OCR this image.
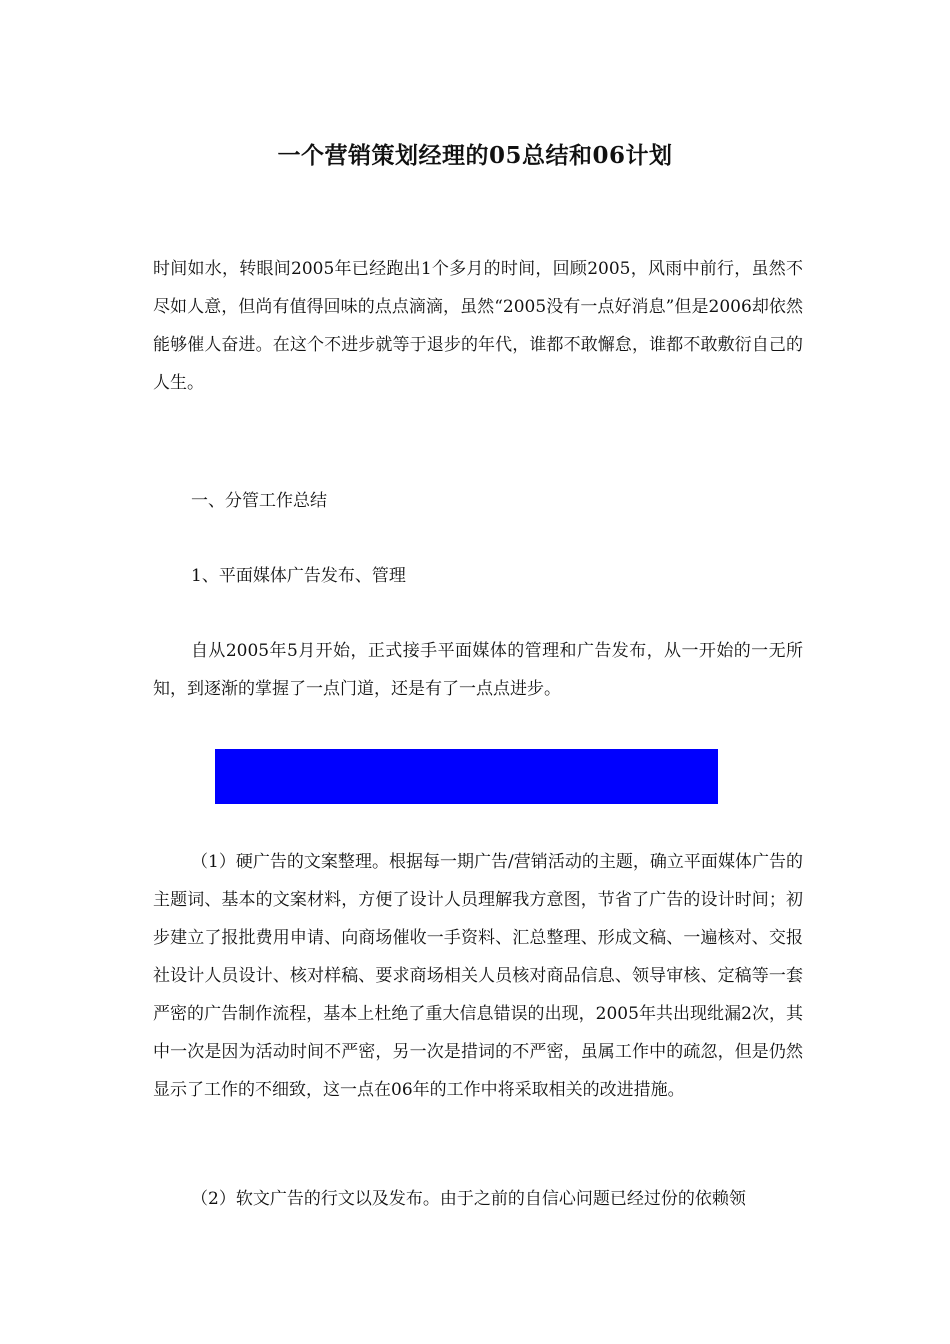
一个营销策划经理的05总结和06计划

时间如水，转眼间2005年已经跑出1个多月的时间，回顾2005，风雨中前行，虽然不尽如人意，但尚有值得回味的点点滴滴，虽然“2005没有一点好消息”但是2006却依然能够催人奋进。在这个不进步就等于退步的年代，谁都不敢懈怠，谁都不敢敷衍自己的人生。

一、分管工作总结

1、平面媒体广告发布、管理

自从2005年5月开始，正式接手平面媒体的管理和广告发布，从一开始的一无所知，到逐渐的掌握了一点门道，还是有了一点点进步。

（1）硬广告的文案整理。根据每一期广告/营销活动的主题，确立平面媒体广告的主题词、基本的文案材料，方便了设计人员理解我方意图，节省了广告的设计时间；初步建立了报批费用申请、向商场催收一手资料、汇总整理、形成文稿、一遍核对、交报社设计人员设计、核对样稿、要求商场相关人员核对商品信息、领导审核、定稿等一套严密的广告制作流程，基本上杜绝了重大信息错误的出现，2005年共出现纰漏2次，其中一次是因为活动时间不严密，另一次是措词的不严密，虽属工作中的疏忽，但是仍然显示了工作的不细致，这一点在06年的工作中将采取相关的改进措施。

（2）软文广告的行文以及发布。由于之前的自信心问题已经过份的依赖领
